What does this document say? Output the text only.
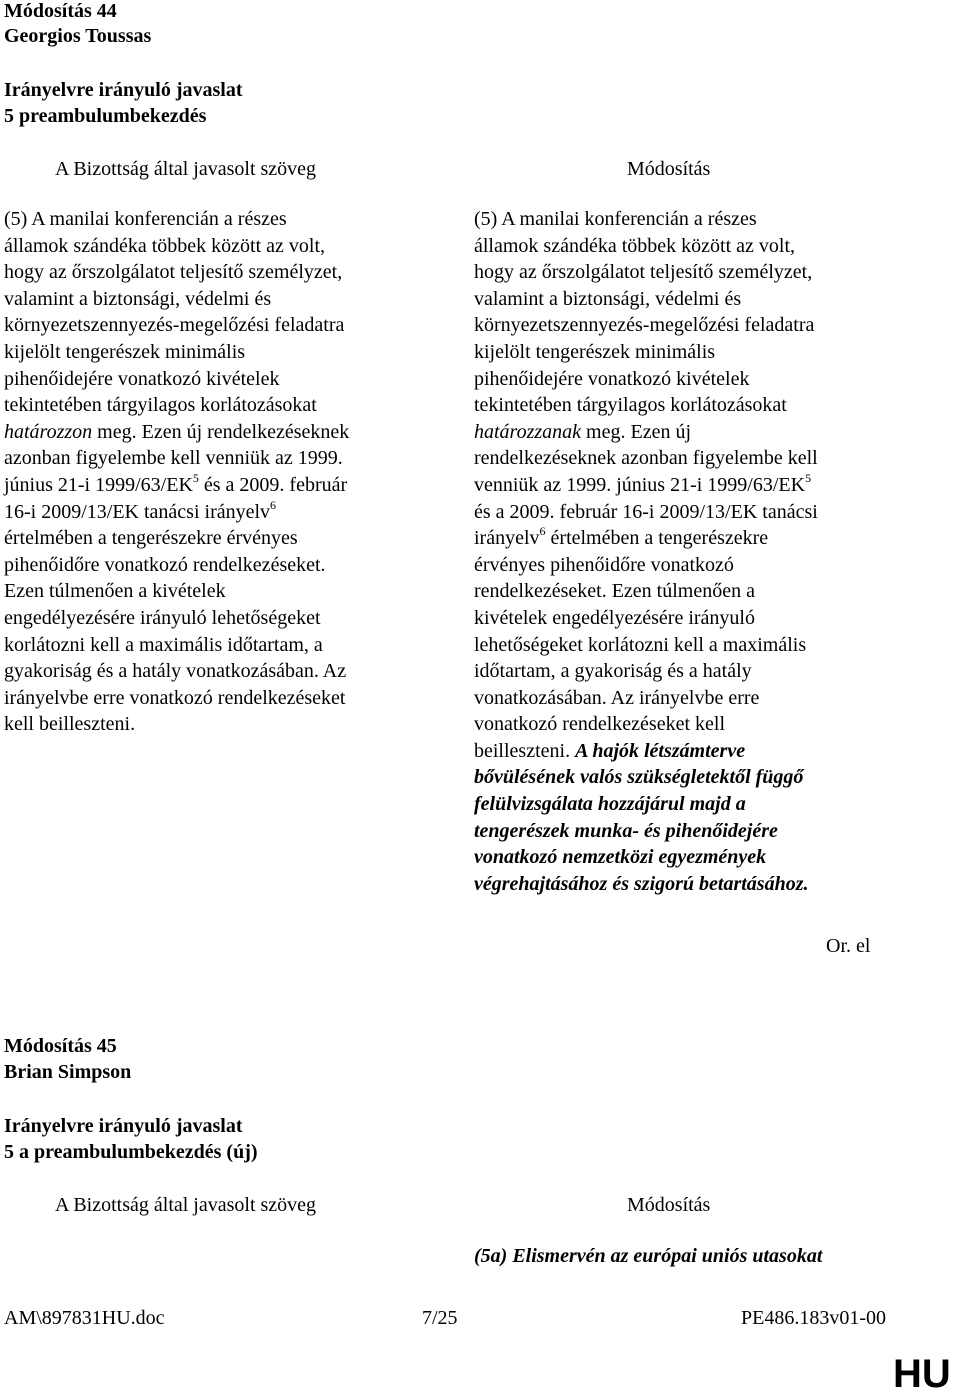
Módosítás 44
Georgios Toussas
Irányelvre irányuló javaslat
5 preambulumbekezdés
A Bizottság által javasolt szöveg	Módosítás
(5) A manilai konferencián a részes
államok szándéka többek között az volt,
hogy az őrszolgálatot teljesítő személyzet,
valamint a biztonsági, védelmi és
környezetszennyezés-megelőzési feladatra
kijelölt tengerészek minimális
pihenőidejére vonatkozó kivételek
tekintetében tárgyilagos korlátozásokat
határozzon meg. Ezen új rendelkezéseknek
azonban figyelembe kell venniük az 1999.
június 21-i $1999/63/EK^5$ és a 2009. február
16-i 2009/13/EK tanácsi irányelv$^6$
értelmében a tengerészekre érvényes
pihenőidőre vonatkozó rendelkezéseket.
Ezen túlmenően a kivételek
engedélyezésére irányuló lehetőségeket
korlátozni kell a maximális időtartam, a
gyakoriság és a hatály vonatkozásában. Az
irányelvbe erre vonatkozó rendelkezéseket
kell beilleszteni.
(5) A manilai konferencián a részes
államok szándéka többek között az volt,
hogy az őrszolgálatot teljesítő személyzet,
valamint a biztonsági, védelmi és
környezetszennyezés-megelőzési feladatra
kijelölt tengerészek minimális
pihenőidejére vonatkozó kivételek
tekintetében tárgyilagos korlátozásokat
határozzanak meg. Ezen új
rendelkezéseknek azonban figyelembe kell
venniük az 1999. június 21-i $1999/63/EK^5$
és a 2009. február 16-i 2009/13/EK tanácsi
irányelv$^6$ értelmében a tengerészekre
érvényes pihenőidőre vonatkozó
rendelkezéseket. Ezen túlmenően a
kivételek engedélyezésére irányuló
lehetőségeket korlátozni kell a maximális
időtartam, a gyakoriság és a hatály
vonatkozásában. Az irányelvbe erre
vonatkozó rendelkezéseket kell
beilleszteni. A hajók létszámterve
bővülésének valós szükségletektől függő
felülvizsgálata hozzájárul majd a
tengerészek munka- és pihenőidejére
vonatkozó nemzetközi egyezmények
végrehajtásához és szigorú betartásához.
Or. el
Módosítás 45
Brian Simpson
Irányelvre irányuló javaslat
5 a preambulumbekezdés (új)
A Bizottság által javasolt szöveg	Módosítás
(5a) Elismervén az európai uniós utasokat
AM\897831HU.doc	7/25	PE486.183v01-00
HU
